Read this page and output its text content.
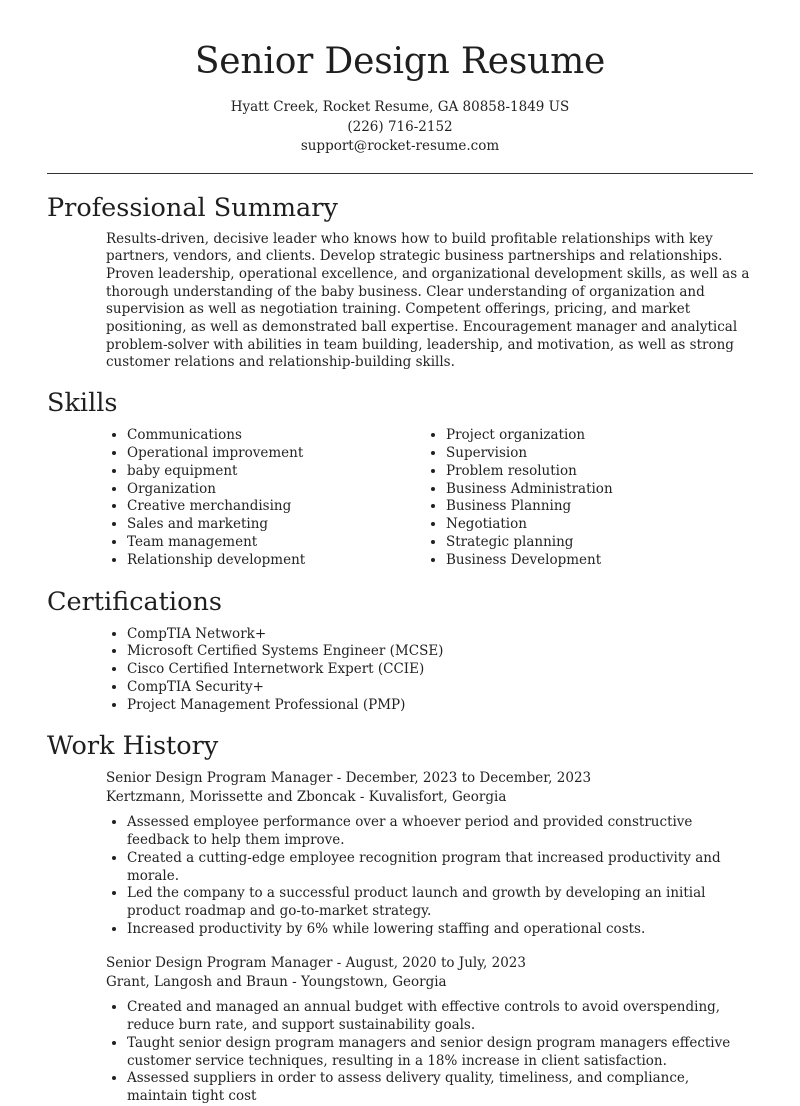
Senior Design Resume

Hyatt Creek, Rocket Resume, GA 80858-1849 US

(226) 716-2152

support@rocket-resume.com

Professional Summary

Results-driven, decisive leader who knows how to build profitable relationships with key partners, vendors, and clients. Develop strategic business partnerships and relationships. Proven leadership, operational excellence, and organizational development skills, as well as a thorough understanding of the baby business. Clear understanding of organization and supervision as well as negotiation training. Competent offerings, pricing, and market positioning, as well as demonstrated ball expertise. Encouragement manager and analytical problem-solver with abilities in team building, leadership, and motivation, as well as strong customer relations and relationship-building skills.

Skills
• Communications
• Operational improvement
• baby equipment
• Organization
• Creative merchandising
• Sales and marketing
• Team management
• Relationship development
• Project organization
• Supervision
• Problem resolution
• Business Administration
• Business Planning
• Negotiation
• Strategic planning
• Business Development
Certifications
• CompTIA Network+
• Microsoft Certified Systems Engineer (MCSE)
• Cisco Certified Internetwork Expert (CCIE)
• CompTIA Security+
• Project Management Professional (PMP)
Work History

Senior Design Program Manager - December, 2023 to December, 2023

Kertzmann, Morissette and Zboncak - Kuvalisfort, Georgia

• Assessed employee performance over a whoever period and provided constructive feedback to help them improve.
• Created a cutting-edge employee recognition program that increased productivity and morale.
• Led the company to a successful product launch and growth by developing an initial product roadmap and go-to-market strategy.
• Increased productivity by 6% while lowering staffing and operational costs.

Senior Design Program Manager - August, 2020 to July, 2023

Grant, Langosh and Braun - Youngstown, Georgia

• Created and managed an annual budget with effective controls to avoid overspending, reduce burn rate, and support sustainability goals.
• Taught senior design program managers and senior design program managers effective customer service techniques, resulting in a 18% increase in client satisfaction.
• Assessed suppliers in order to assess delivery quality, timeliness, and compliance, maintain tight cost
